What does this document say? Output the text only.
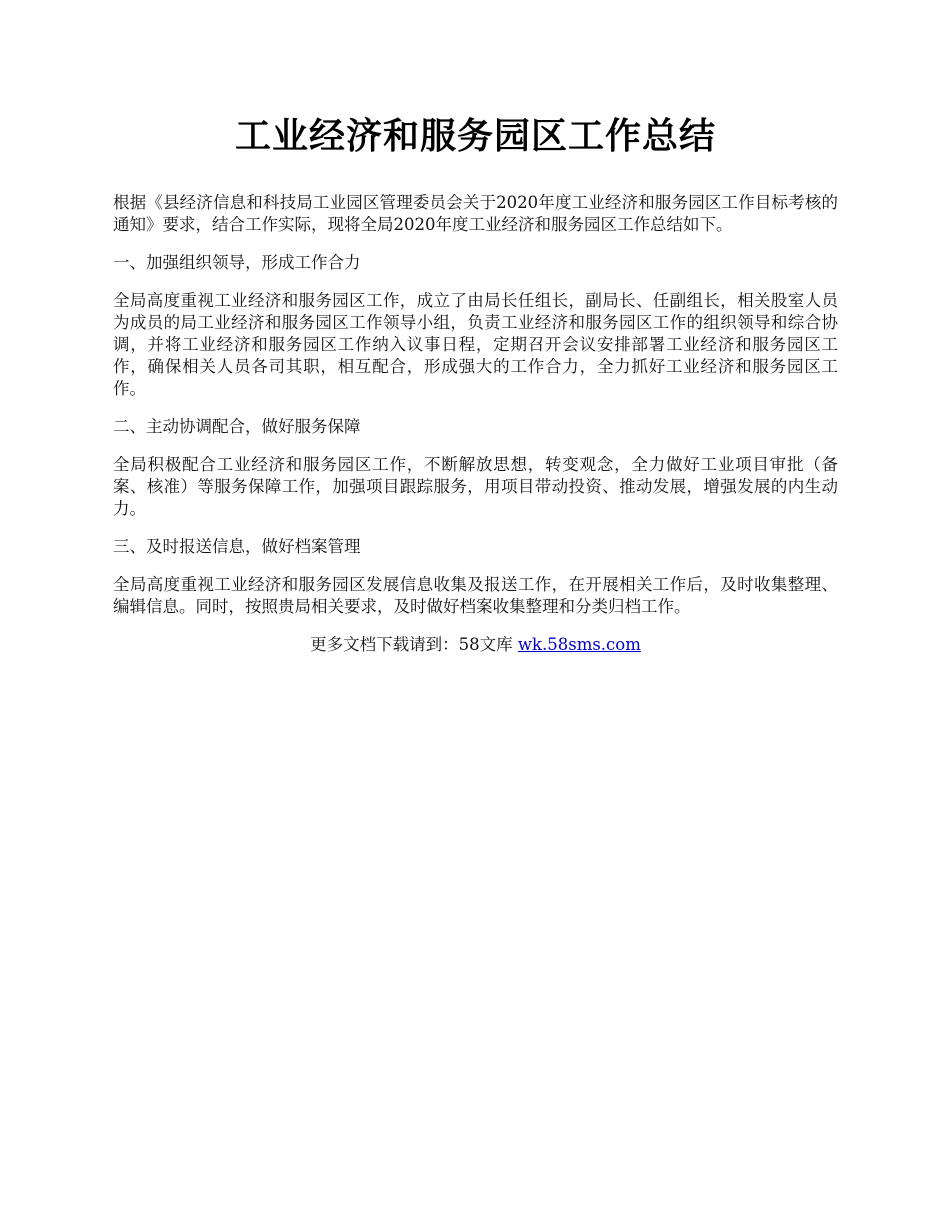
工业经济和服务园区工作总结

根据《县经济信息和科技局工业园区管理委员会关于2020年度工业经济和服务园区工作目标考核的通知》要求，结合工作实际，现将全局2020年度工业经济和服务园区工作总结如下。

一、加强组织领导，形成工作合力

全局高度重视工业经济和服务园区工作，成立了由局长任组长，副局长、任副组长，相关股室人员为成员的局工业经济和服务园区工作领导小组，负责工业经济和服务园区工作的组织领导和综合协调，并将工业经济和服务园区工作纳入议事日程，定期召开会议安排部署工业经济和服务园区工作，确保相关人员各司其职，相互配合，形成强大的工作合力，全力抓好工业经济和服务园区工作。

二、主动协调配合，做好服务保障

全局积极配合工业经济和服务园区工作，不断解放思想，转变观念，全力做好工业项目审批（备案、核准）等服务保障工作，加强项目跟踪服务，用项目带动投资、推动发展，增强发展的内生动力。

三、及时报送信息，做好档案管理

全局高度重视工业经济和服务园区发展信息收集及报送工作，在开展相关工作后，及时收集整理、编辑信息。同时，按照贵局相关要求，及时做好档案收集整理和分类归档工作。

更多文档下载请到：58文库 wk.58sms.com
